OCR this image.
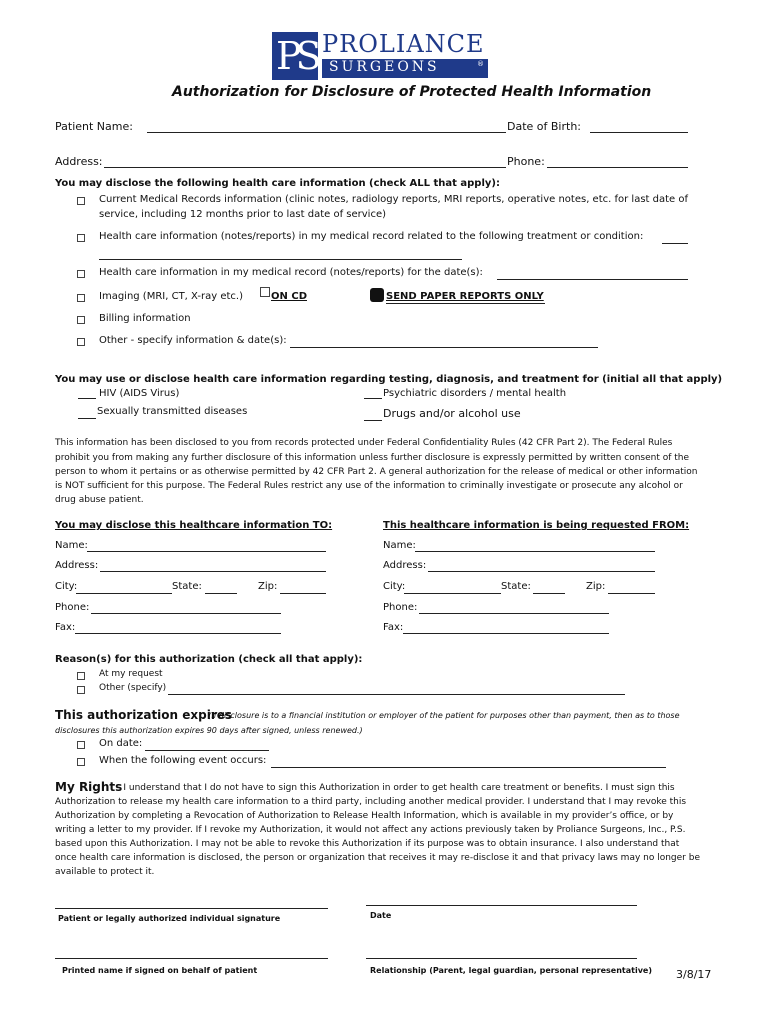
PS PROLIANCE
SURGEONS	®
Authorization for Disclosure of Protected Health Information
Patient Name:	Date of Birth:
Address:	Phone:
You may disclose the following health care information (check ALL that apply):
Current Medical Records information (clinic notes, radiology reports, MRI reports, operative notes, etc. for last date of
service, including 12 months prior to last date of service)
Health care information (notes/reports) in my medical record related to the following treatment or condition:
Health care information in my medical record (notes/reports) for the date(s):
Imaging (MRI, CT, X-ray etc.)	ON CD	SEND PAPER REPORTS ONLY
Billing information
Other - specify information & date(s):
You may use or disclose health care information regarding testing, diagnosis, and treatment for (initial all that apply)
HIV (AIDS Virus)	Psychiatric disorders / mental health
Sexually transmitted diseases	Drugs and/or alcohol use
This information has been disclosed to you from records protected under Federal Confidentiality Rules (42 CFR Part 2). The Federal Rules
prohibit you from making any further disclosure of this information unless further disclosure is expressly permitted by written consent of the
person to whom it pertains or as otherwise permitted by 42 CFR Part 2. A general authorization for the release of medical or other information
is NOT sufficient for this purpose. The Federal Rules restrict any use of the information to criminally investigate or prosecute any alcohol or
drug abuse patient.
You may disclose this healthcare information TO:
Name:
Address:
City:	State:	Zip:
Phone:
Fax:
This healthcare information is being requested FROM:
Name:
Address:
City:	State:	Zip:
Phone:
Fax:
Reason(s) for this authorization (check all that apply):
At my request
Other (specify)
This authorization expires
: (if disclosure is to a financial institution or employer of the patient for purposes other than payment, then as to those
disclosures this authorization expires 90 days after signed, unless renewed.)
On date:
When the following event occurs:
My Rights
– I understand that I do not have to sign this Authorization in order to get health care treatment or benefits. I must sign this
Authorization to release my health care information to a third party, including another medical provider. I understand that I may revoke this
Authorization by completing a Revocation of Authorization to Release Health Information, which is available in my provider’s office, or by
writing a letter to my provider. If I revoke my Authorization, it would not affect any actions previously taken by Proliance Surgeons, Inc., P.S.
based upon this Authorization. I may not be able to revoke this Authorization if its purpose was to obtain insurance. I also understand that
once health care information is disclosed, the person or organization that receives it may re-disclose it and that privacy laws may no longer be
available to protect it.
Patient or legally authorized individual signature	Date
Printed name if signed on behalf of patient	Relationship (Parent, legal guardian, personal representative) 3/8/17
